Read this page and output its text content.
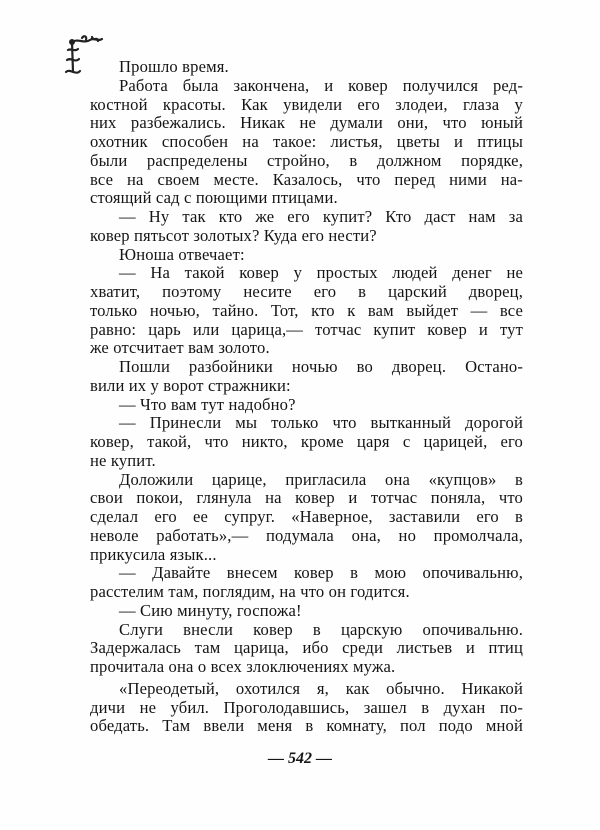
Прошло время.
Работа была закончена, и ковер получился ред-
костной красоты. Как увидели его злодеи, глаза у
них разбежались. Никак не думали они, что юный
охотник способен на такое: листья, цветы и птицы
были распределены стройно, в должном порядке,
все на своем месте. Казалось, что перед ними на-
стоящий сад с поющими птицами.
— Ну так кто же его купит? Кто даст нам за
ковер пятьсот золотых? Куда его нести?
Юноша отвечает:
— На такой ковер у простых людей денег не
хватит, поэтому несите его в царский дворец,
только ночью, тайно. Тот, кто к вам выйдет — все
равно: царь или царица,— тотчас купит ковер и тут
же отсчитает вам золото.
Пошли разбойники ночью во дворец. Остано-
вили их у ворот стражники:
— Что вам тут надобно?
— Принесли мы только что вытканный дорогой
ковер, такой, что никто, кроме царя с царицей, его
не купит.
Доложили царице, пригласила она «купцов» в
свои покои, глянула на ковер и тотчас поняла, что
сделал его ее супруг. «Наверное, заставили его в
неволе работать»,— подумала она, но промолчала,
прикусила язык...
— Давайте внесем ковер в мою опочивальню,
расстелим там, поглядим, на что он годится.
— Сию минуту, госпожа!
Слуги внесли ковер в царскую опочивальню.
Задержалась там царица, ибо среди листьев и птиц
прочитала она о всех злоключениях мужа.
«Переодетый, охотился я, как обычно. Никакой
дичи не убил. Проголодавшись, зашел в духан по-
обедать. Там ввели меня в комнату, пол подо мной
— 542 —
